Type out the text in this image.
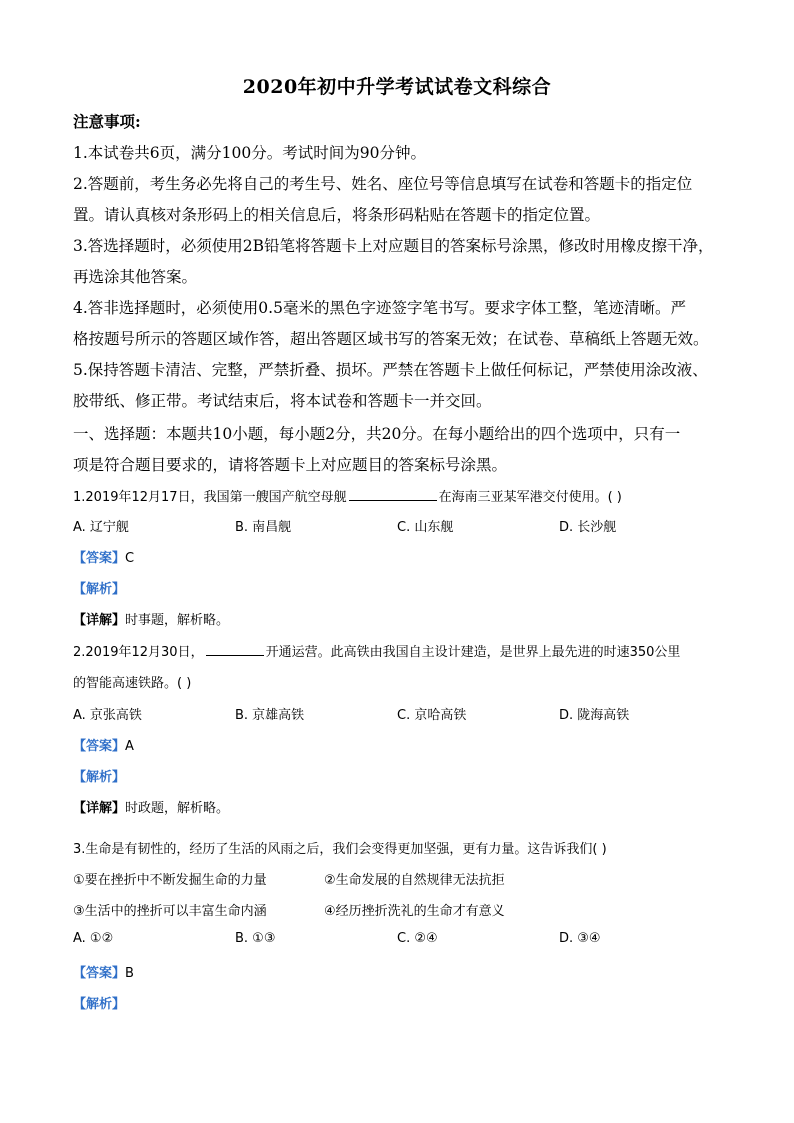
2020年初中升学考试试卷文科综合
注意事项:
1.本试卷共6页，满分100分。考试时间为90分钟。
2.答题前，考生务必先将自己的考生号、姓名、座位号等信息填写在试卷和答题卡的指定位
置。请认真核对条形码上的相关信息后，将条形码粘贴在答题卡的指定位置。
3.答选择题时，必须使用2B铅笔将答题卡上对应题目的答案标号涂黑，修改时用橡皮擦干净，
再选涂其他答案。
4.答非选择题时，必须使用0.5毫米的黑色字迹签字笔书写。要求字体工整，笔迹清晰。严
格按题号所示的答题区域作答，超出答题区域书写的答案无效；在试卷、草稿纸上答题无效。
5.保持答题卡清洁、完整，严禁折叠、损坏。严禁在答题卡上做任何标记，严禁使用涂改液、
胶带纸、修正带。考试结束后，将本试卷和答题卡一并交回。
一、选择题：本题共10小题，每小题2分，共20分。在每小题给出的四个选项中，只有一
项是符合题目要求的，请将答题卡上对应题目的答案标号涂黑。
1.2019年12月17日，我国第一艘国产航空母舰	在海南三亚某军港交付使用。( )
A. 辽宁舰	B. 南昌舰	C. 山东舰	D. 长沙舰
【答案】C
【解析】
【详解】时事题，解析略。
2.2019年12月30日，	开通运营。此高铁由我国自主设计建造，是世界上最先进的时速350公里
的智能高速铁路。( )
A. 京张高铁	B. 京雄高铁	C. 京哈高铁	D. 陇海高铁
【答案】A
【解析】
【详解】时政题，解析略。
3.生命是有韧性的，经历了生活的风雨之后，我们会变得更加坚强，更有力量。这告诉我们( )
①要在挫折中不断发掘生命的力量	②生命发展的自然规律无法抗拒
③生活中的挫折可以丰富生命内涵	④经历挫折洗礼的生命才有意义
A. ①②	B. ①③	C. ②④	D. ③④
【答案】B
【解析】
